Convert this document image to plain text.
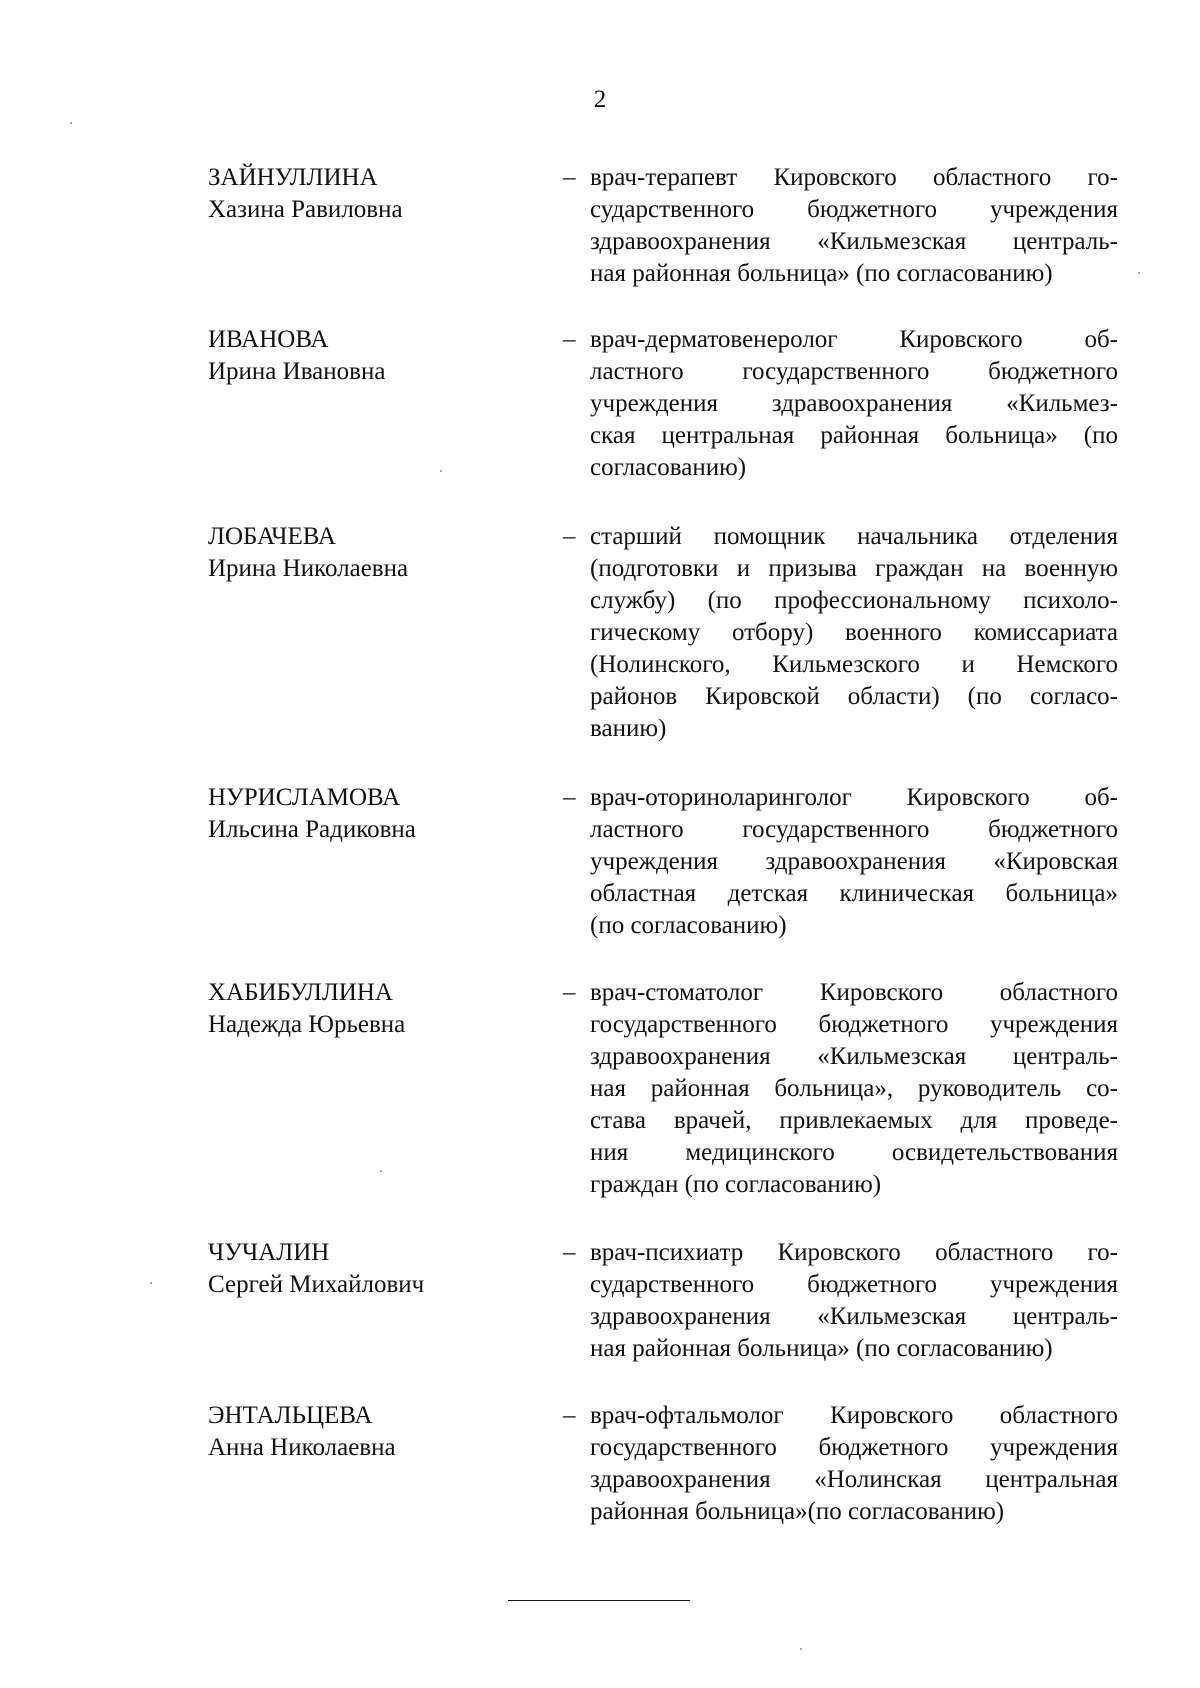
2
ЗАЙНУЛЛИНА
Хазина Равиловна
– врач-терапевт Кировского областного го-
сударственного бюджетного учреждения
здравоохранения «Кильмезская централь-
ная районная больница» (по согласованию)
ИВАНОВА
Ирина Ивановна
– врач-дерматовенеролог Кировского об-
ластного государственного бюджетного
учреждения здравоохранения «Кильмез-
ская центральная районная больница» (по
согласованию)
ЛОБАЧЕВА
Ирина Николаевна
– старший помощник начальника отделения
(подготовки и призыва граждан на военную
службу) (по профессиональному психоло-
гическому отбору) военного комиссариата
(Нолинского, Кильмезского и Немского
районов Кировской области) (по согласо-
ванию)
НУРИСЛАМОВА
Ильсина Радиковна
– врач-оториноларинголог Кировского об-
ластного государственного бюджетного
учреждения здравоохранения «Кировская
областная детская клиническая больница»
(по согласованию)
ХАБИБУЛЛИНА
Надежда Юрьевна
– врач-стоматолог Кировского областного
государственного бюджетного учреждения
здравоохранения «Кильмезская централь-
ная районная больница», руководитель со-
става врачей, привлекаемых для проведе-
ния медицинского освидетельствования
граждан (по согласованию)
ЧУЧАЛИН
Сергей Михайлович
– врач-психиатр Кировского областного го-
сударственного бюджетного учреждения
здравоохранения «Кильмезская централь-
ная районная больница» (по согласованию)
ЭНТАЛЬЦЕВА
Анна Николаевна
– врач-офтальмолог Кировского областного
государственного бюджетного учреждения
здравоохранения «Нолинская центральная
районная больница»(по согласованию)
